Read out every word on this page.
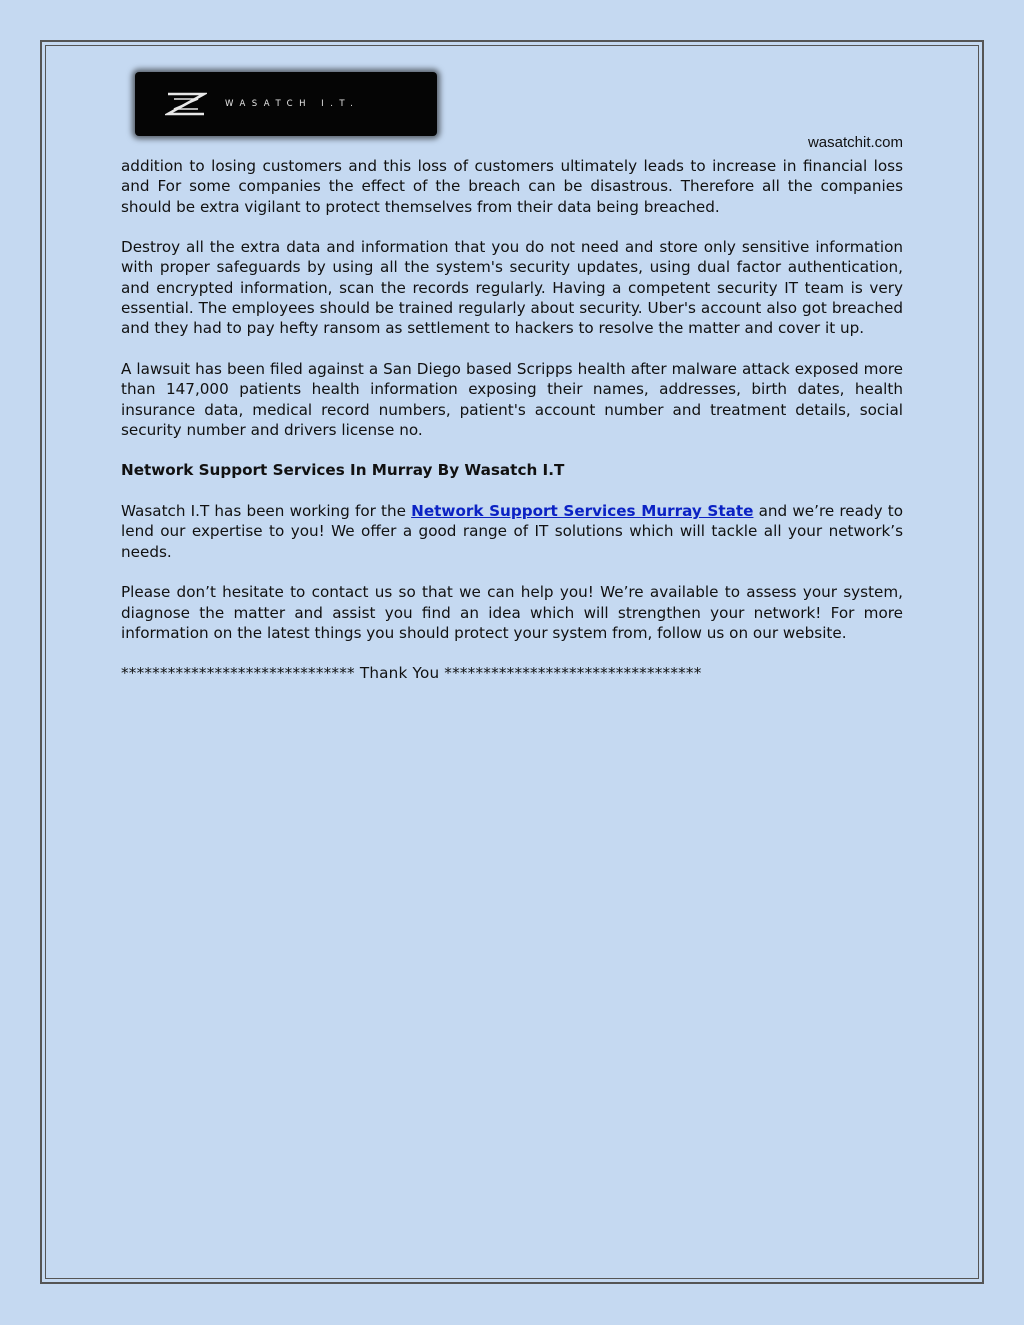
WASATCH I.T.
wasatchit.com

addition to losing customers and this loss of customers ultimately leads to increase in financial loss and For some companies the effect of the breach can be disastrous. Therefore all the companies should be extra vigilant to protect themselves from their data being breached.

Destroy all the extra data and information that you do not need and store only sensitive information with proper safeguards by using all the system's security updates, using dual factor authentication, and encrypted information, scan the records regularly. Having a competent security IT team is very essential. The employees should be trained regularly about security. Uber's account also got breached and they had to pay hefty ransom as settlement to hackers to resolve the matter and cover it up.

A lawsuit has been filed against a San Diego based Scripps health after malware attack exposed more than 147,000 patients health information exposing their names, addresses, birth dates, health insurance data, medical record numbers, patient's account number and treatment details, social security number and drivers license no.

Network Support Services In Murray By Wasatch I.T

Wasatch I.T has been working for the Network Support Services Murray State and we’re ready to lend our expertise to you! We offer a good range of IT solutions which will tackle all your network’s needs.

Please don’t hesitate to contact us so that we can help you! We’re available to assess your system, diagnose the matter and assist you find an idea which will strengthen your network! For more information on the latest things you should protect your system from, follow us on our website.

****************************** Thank You *********************************
